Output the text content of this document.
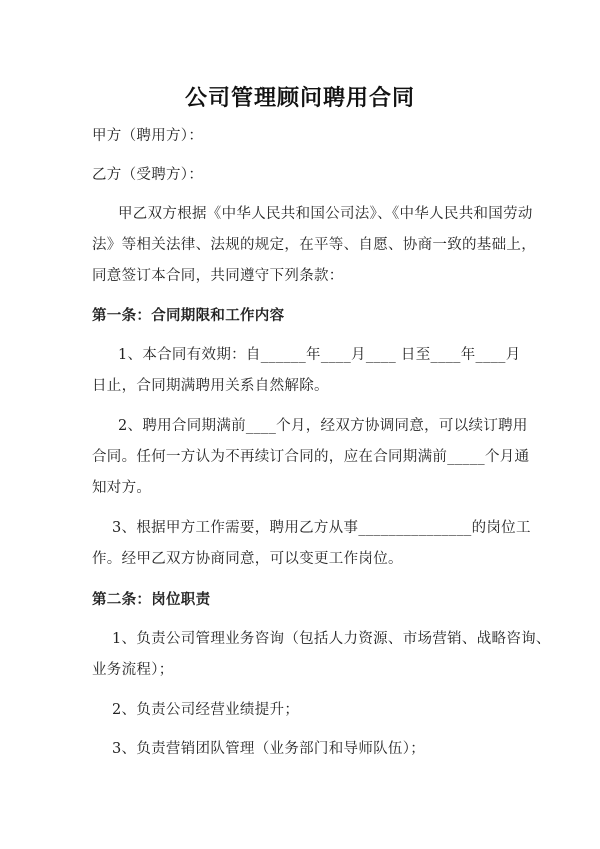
公司管理顾问聘用合同
甲方（聘用方）：
乙方（受聘方）：
甲乙双方根据《中华人民共和国公司法》、《中华人民共和国劳动
法》等相关法律、法规的规定，在平等、自愿、协商一致的基础上，
同意签订本合同，共同遵守下列条款：
第一条：合同期限和工作内容
1、本合同有效期：自______年____月____ 日至____年____月
日止，合同期满聘用关系自然解除。
2、聘用合同期满前____个月，经双方协调同意，可以续订聘用
合同。任何一方认为不再续订合同的，应在合同期满前_____个月通
知对方。
3、根据甲方工作需要，聘用乙方从事_______________的岗位工
作。经甲乙双方协商同意，可以变更工作岗位。
第二条：岗位职责
1、负责公司管理业务咨询（包括人力资源、市场营销、战略咨询、
业务流程）；
2、负责公司经营业绩提升；
3、负责营销团队管理（业务部门和导师队伍）；
